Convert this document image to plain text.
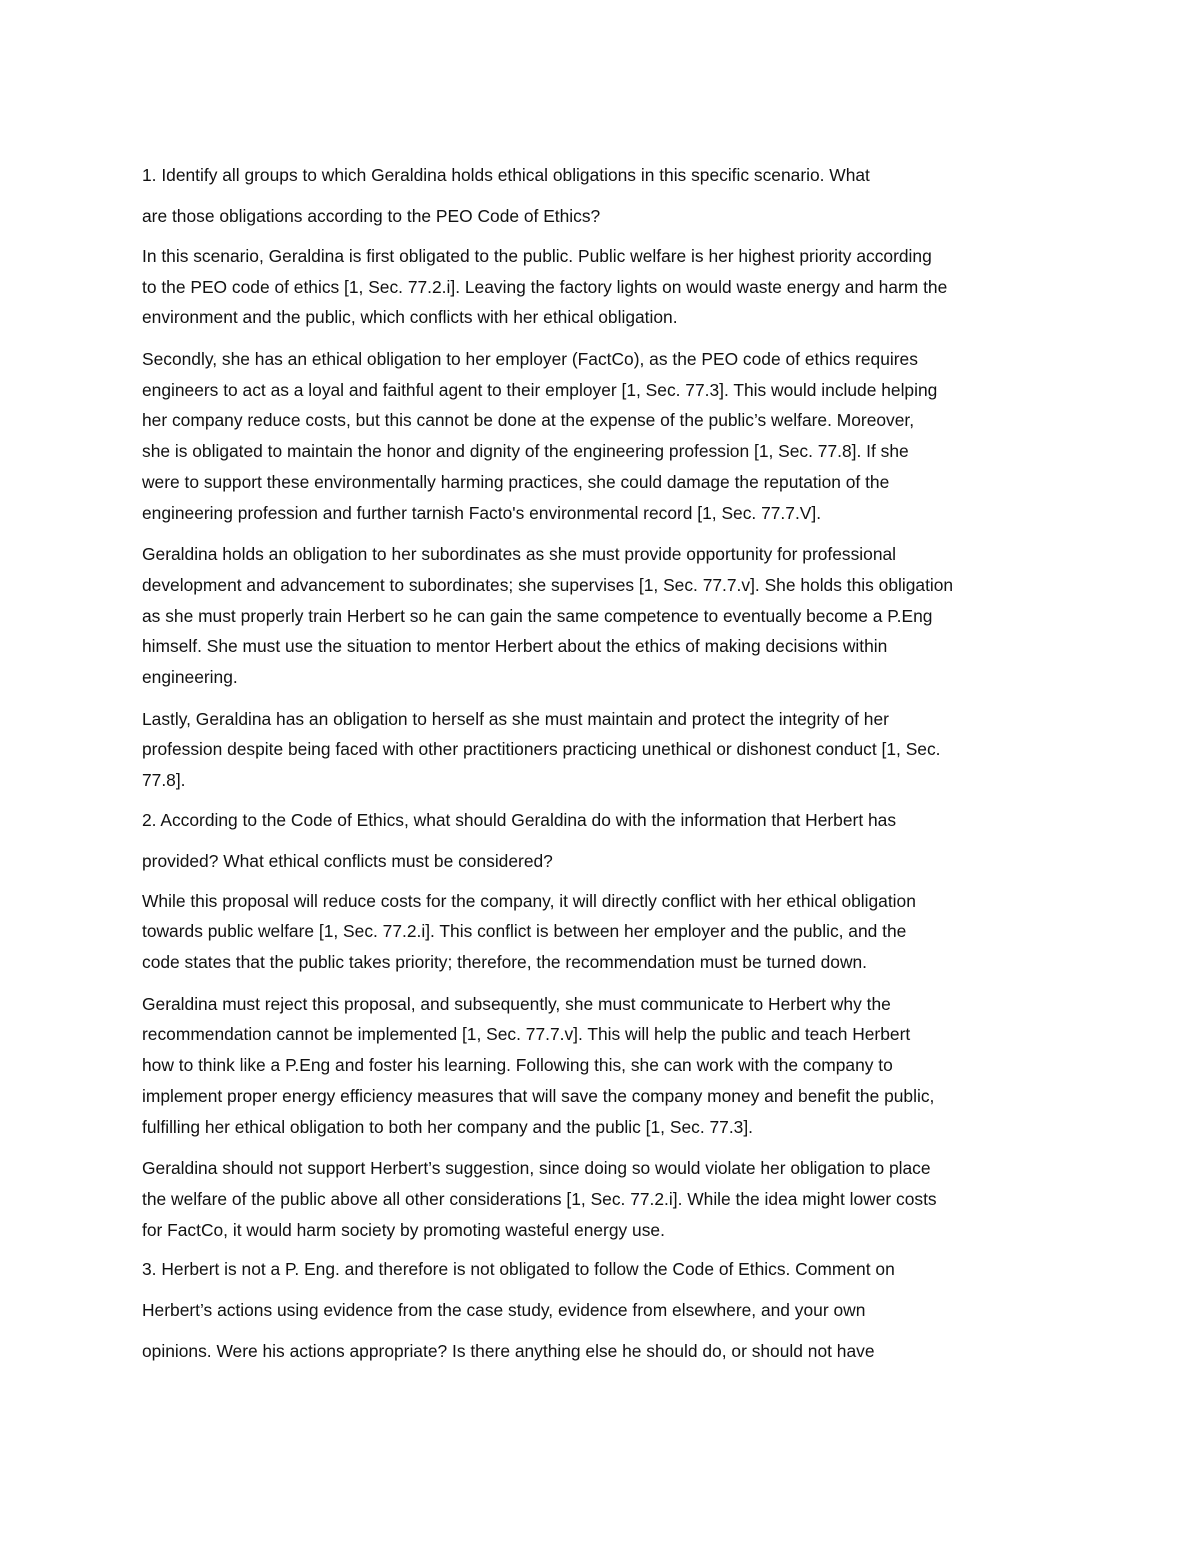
1. Identify all groups to which Geraldina holds ethical obligations in this specific scenario. What
are those obligations according to the PEO Code of Ethics?
In this scenario, Geraldina is first obligated to the public. Public welfare is her highest priority according
to the PEO code of ethics [1, Sec. 77.2.i]. Leaving the factory lights on would waste energy and harm the
environment and the public, which conflicts with her ethical obligation.
Secondly, she has an ethical obligation to her employer (FactCo), as the PEO code of ethics requires
engineers to act as a loyal and faithful agent to their employer [1, Sec. 77.3]. This would include helping
her company reduce costs, but this cannot be done at the expense of the public’s welfare. Moreover,
she is obligated to maintain the honor and dignity of the engineering profession [1, Sec. 77.8]. If she
were to support these environmentally harming practices, she could damage the reputation of the
engineering profession and further tarnish Facto's environmental record [1, Sec. 77.7.V].
Geraldina holds an obligation to her subordinates as she must provide opportunity for professional
development and advancement to subordinates; she supervises [1, Sec. 77.7.v]. She holds this obligation
as she must properly train Herbert so he can gain the same competence to eventually become a P.Eng
himself. She must use the situation to mentor Herbert about the ethics of making decisions within
engineering.
Lastly, Geraldina has an obligation to herself as she must maintain and protect the integrity of her
profession despite being faced with other practitioners practicing unethical or dishonest conduct [1, Sec.
77.8].
2. According to the Code of Ethics, what should Geraldina do with the information that Herbert has
provided? What ethical conflicts must be considered?
While this proposal will reduce costs for the company, it will directly conflict with her ethical obligation
towards public welfare [1, Sec. 77.2.i]. This conflict is between her employer and the public, and the
code states that the public takes priority; therefore, the recommendation must be turned down.
Geraldina must reject this proposal, and subsequently, she must communicate to Herbert why the
recommendation cannot be implemented [1, Sec. 77.7.v]. This will help the public and teach Herbert
how to think like a P.Eng and foster his learning. Following this, she can work with the company to
implement proper energy efficiency measures that will save the company money and benefit the public,
fulfilling her ethical obligation to both her company and the public [1, Sec. 77.3].
Geraldina should not support Herbert’s suggestion, since doing so would violate her obligation to place
the welfare of the public above all other considerations [1, Sec. 77.2.i]. While the idea might lower costs
for FactCo, it would harm society by promoting wasteful energy use.
3. Herbert is not a P. Eng. and therefore is not obligated to follow the Code of Ethics. Comment on
Herbert’s actions using evidence from the case study, evidence from elsewhere, and your own
opinions. Were his actions appropriate? Is there anything else he should do, or should not have
